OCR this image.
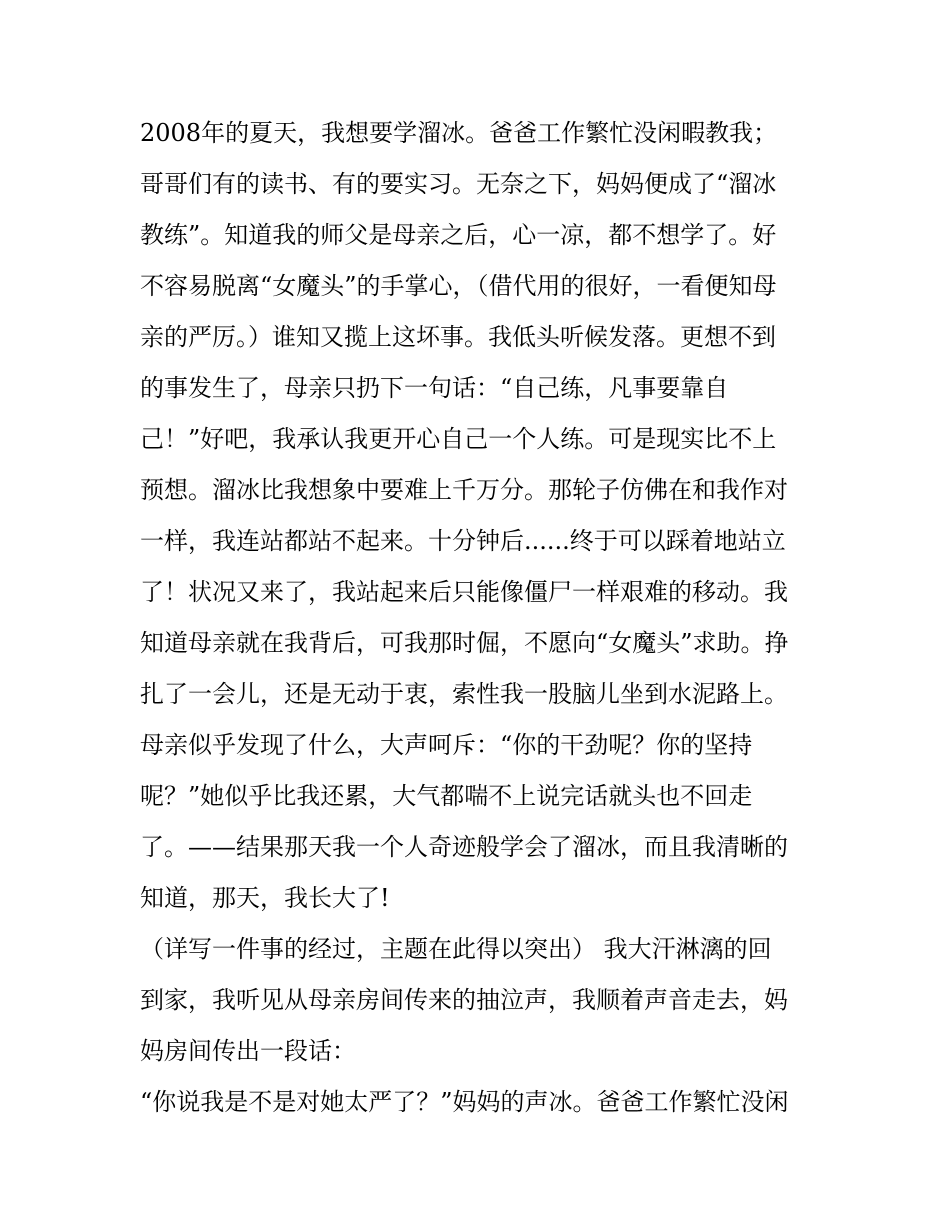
2008年的夏天，我想要学溜冰。爸爸工作繁忙没闲暇教我；
哥哥们有的读书、有的要实习。无奈之下，妈妈便成了“溜冰
教练”。知道我的师父是母亲之后，心一凉，都不想学了。好
不容易脱离“女魔头”的手掌心，（借代用的很好，一看便知母
亲的严厉。）谁知又揽上这坏事。我低头听候发落。更想不到
的事发生了，母亲只扔下一句话：“自己练，凡事要靠自
己！”好吧，我承认我更开心自己一个人练。可是现实比不上
预想。溜冰比我想象中要难上千万分。那轮子仿佛在和我作对
一样，我连站都站不起来。十分钟后......终于可以踩着地站立
了！状况又来了，我站起来后只能像僵尸一样艰难的移动。我
知道母亲就在我背后，可我那时倔，不愿向“女魔头”求助。挣
扎了一会儿，还是无动于衷，索性我一股脑儿坐到水泥路上。
母亲似乎发现了什么，大声呵斥：“你的干劲呢？你的坚持
呢？”她似乎比我还累，大气都喘不上说完话就头也不回走
了。——结果那天我一个人奇迹般学会了溜冰，而且我清晰的
知道，那天，我长大了!
（详写一件事的经过，主题在此得以突出） 我大汗淋漓的回
到家，我听见从母亲房间传来的抽泣声，我顺着声音走去，妈
妈房间传出一段话：
“你说我是不是对她太严了？”妈妈的声冰。爸爸工作繁忙没闲
